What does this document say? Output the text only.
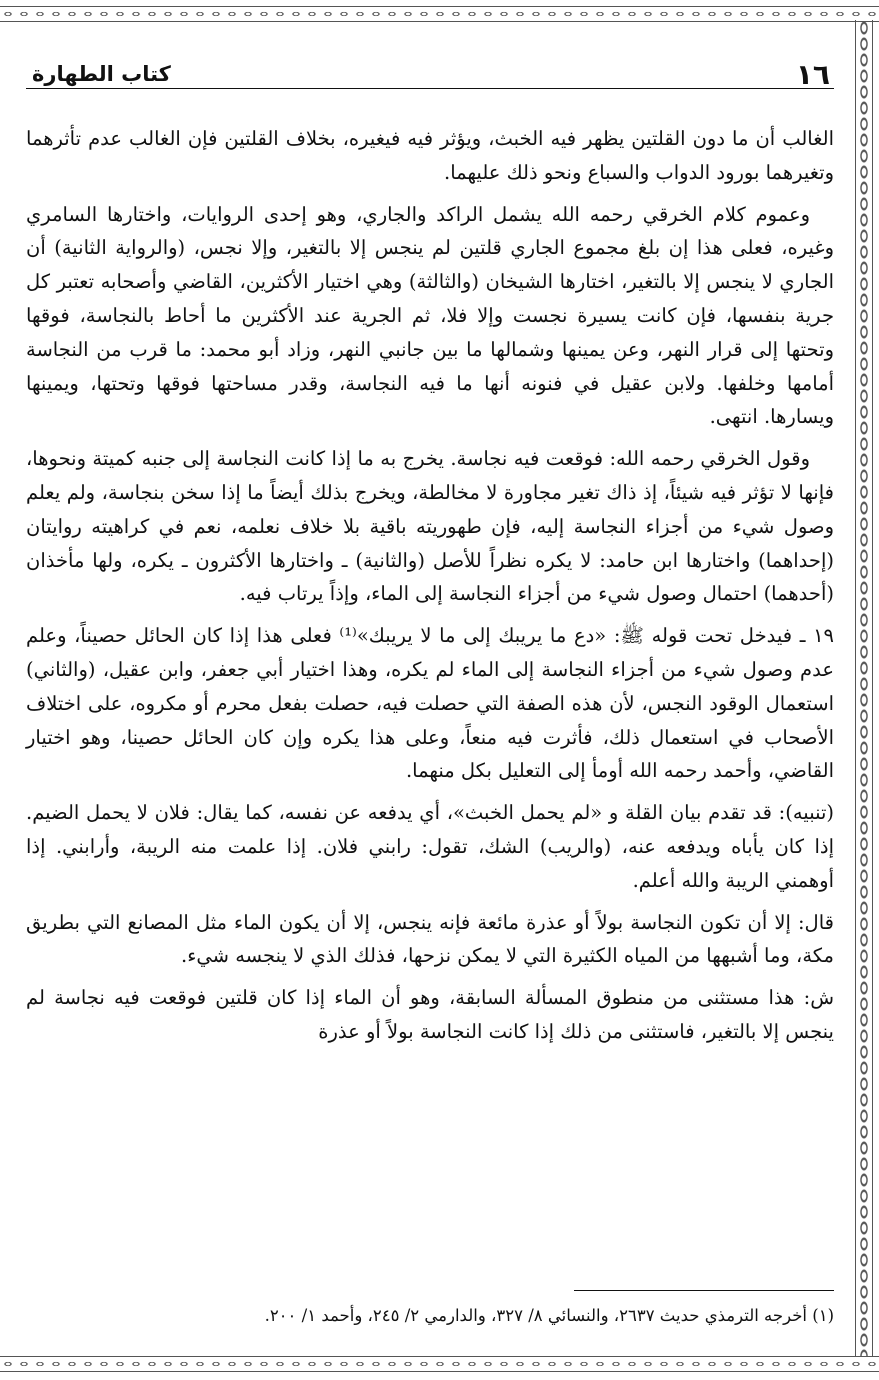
١٦
كتاب الطهارة

الغالب أن ما دون القلتين يظهر فيه الخبث، ويؤثر فيه فيغيره، بخلاف القلتين فإن الغالب عدم تأثرهما وتغيرهما بورود الدواب والسباع ونحو ذلك عليهما.

وعموم كلام الخرقي رحمه الله يشمل الراكد والجاري، وهو إحدى الروايات، واختارها السامري وغيره، فعلى هذا إن بلغ مجموع الجاري قلتين لم ينجس إلا بالتغير، وإلا نجس، (والرواية الثانية) أن الجاري لا ينجس إلا بالتغير، اختارها الشيخان (والثالثة) وهي اختيار الأكثرين، القاضي وأصحابه تعتبر كل جرية بنفسها، فإن كانت يسيرة نجست وإلا فلا، ثم الجرية عند الأكثرين ما أحاط بالنجاسة، فوقها وتحتها إلى قرار النهر، وعن يمينها وشمالها ما بين جانبي النهر، وزاد أبو محمد: ما قرب من النجاسة أمامها وخلفها. ولابن عقيل في فنونه أنها ما فيه النجاسة، وقدر مساحتها فوقها وتحتها، ويمينها ويسارها. انتهى.

وقول الخرقي رحمه الله: فوقعت فيه نجاسة. يخرج به ما إذا كانت النجاسة إلى جنبه كميتة ونحوها، فإنها لا تؤثر فيه شيئاً، إذ ذاك تغير مجاورة لا مخالطة، ويخرج بذلك أيضاً ما إذا سخن بنجاسة، ولم يعلم وصول شيء من أجزاء النجاسة إليه، فإن طهوريته باقية بلا خلاف نعلمه، نعم في كراهيته روايتان (إحداهما) واختارها ابن حامد: لا يكره نظراً للأصل (والثانية) ـ واختارها الأكثرون ـ يكره، ولها مأخذان (أحدهما) احتمال وصول شيء من أجزاء النجاسة إلى الماء، وإذاً يرتاب فيه.

١٩ ـ فيدخل تحت قوله ﷺ: «دع ما يريبك إلى ما لا يريبك»⁽¹⁾ فعلى هذا إذا كان الحائل حصيناً، وعلم عدم وصول شيء من أجزاء النجاسة إلى الماء لم يكره، وهذا اختيار أبي جعفر، وابن عقيل، (والثاني) استعمال الوقود النجس، لأن هذه الصفة التي حصلت فيه، حصلت بفعل محرم أو مكروه، على اختلاف الأصحاب في استعمال ذلك، فأثرت فيه منعاً، وعلى هذا يكره وإن كان الحائل حصينا، وهو اختيار القاضي، وأحمد رحمه الله أومأ إلى التعليل بكل منهما.

(تنبيه): قد تقدم بيان القلة و «لم يحمل الخبث»، أي يدفعه عن نفسه، كما يقال: فلان لا يحمل الضيم. إذا كان يأباه ويدفعه عنه، (والريب) الشك، تقول: رابني فلان. إذا علمت منه الريبة، وأرابني. إذا أوهمني الريبة والله أعلم.

قال: إلا أن تكون النجاسة بولاً أو عذرة مائعة فإنه ينجس، إلا أن يكون الماء مثل المصانع التي بطريق مكة، وما أشبهها من المياه الكثيرة التي لا يمكن نزحها، فذلك الذي لا ينجسه شيء.

ش: هذا مستثنى من منطوق المسألة السابقة، وهو أن الماء إذا كان قلتين فوقعت فيه نجاسة لم ينجس إلا بالتغير، فاستثنى من ذلك إذا كانت النجاسة بولاً أو عذرة

(١) أخرجه الترمذي حديث ٢٦٣٧، والنسائي ٨/ ٣٢٧، والدارمي ٢/ ٢٤٥، وأحمد ١/ ٢٠٠.
